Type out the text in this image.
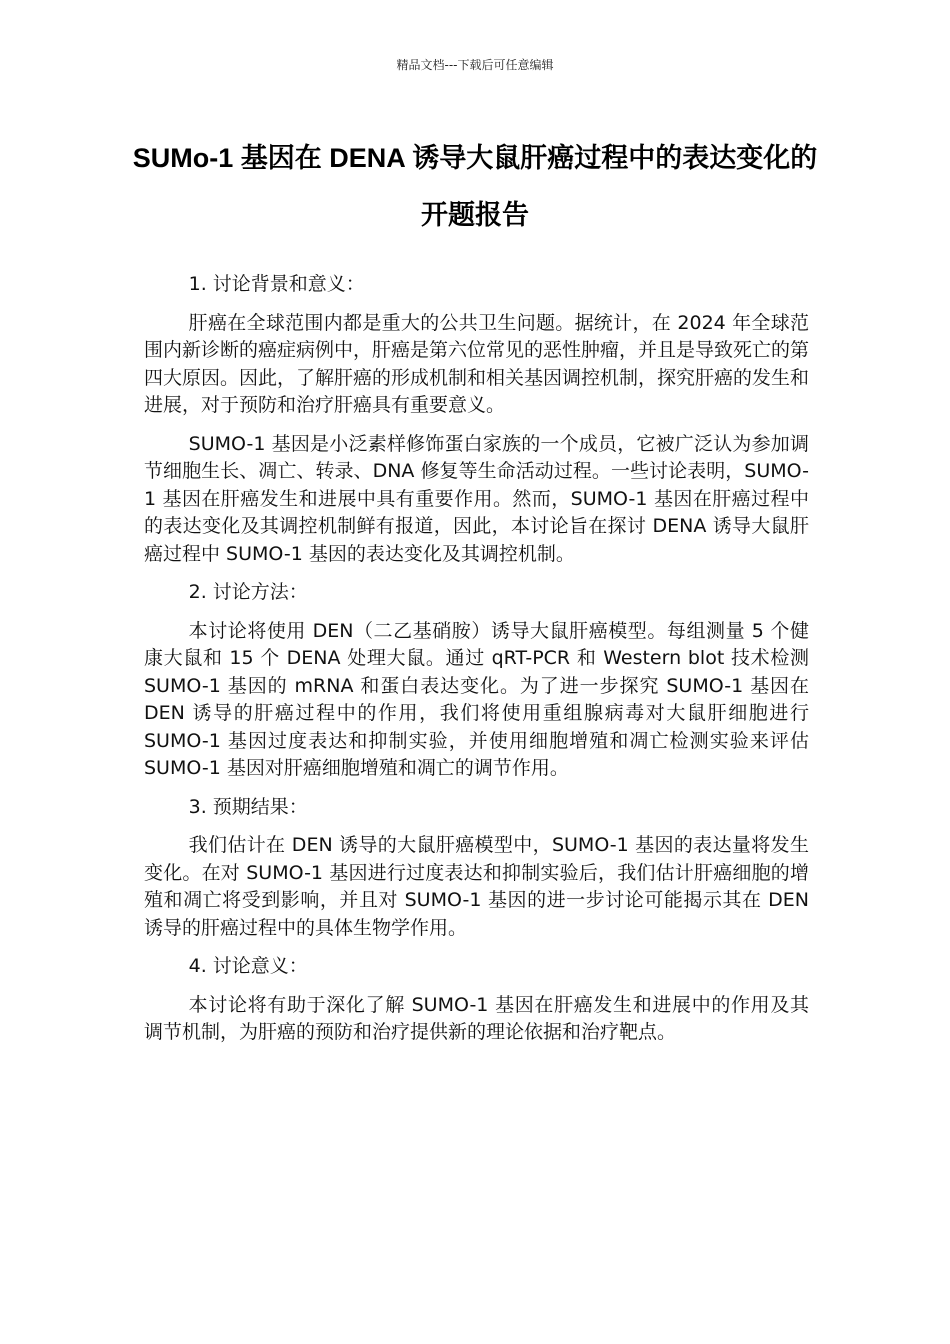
精品文档---下载后可任意编辑
SUMo-1 基因在 DENA 诱导大鼠肝癌过程中的表达变化的开题报告

1. 讨论背景和意义：

肝癌在全球范围内都是重大的公共卫生问题。据统计，在 2024 年全球范围内新诊断的癌症病例中，肝癌是第六位常见的恶性肿瘤，并且是导致死亡的第四大原因。因此，了解肝癌的形成机制和相关基因调控机制，探究肝癌的发生和进展，对于预防和治疗肝癌具有重要意义。

SUMO-1 基因是小泛素样修饰蛋白家族的一个成员，它被广泛认为参加调节细胞生长、凋亡、转录、DNA 修复等生命活动过程。一些讨论表明，SUMO-1 基因在肝癌发生和进展中具有重要作用。然而，SUMO-1 基因在肝癌过程中的表达变化及其调控机制鲜有报道，因此，本讨论旨在探讨 DENA 诱导大鼠肝癌过程中 SUMO-1 基因的表达变化及其调控机制。

2. 讨论方法：

本讨论将使用 DEN（二乙基硝胺）诱导大鼠肝癌模型。每组测量 5 个健康大鼠和 15 个 DENA 处理大鼠。通过 qRT-PCR 和 Western blot 技术检测 SUMO-1 基因的 mRNA 和蛋白表达变化。为了进一步探究 SUMO-1 基因在 DEN 诱导的肝癌过程中的作用，我们将使用重组腺病毒对大鼠肝细胞进行 SUMO-1 基因过度表达和抑制实验，并使用细胞增殖和凋亡检测实验来评估 SUMO-1 基因对肝癌细胞增殖和凋亡的调节作用。

3. 预期结果：

我们估计在 DEN 诱导的大鼠肝癌模型中，SUMO-1 基因的表达量将发生变化。在对 SUMO-1 基因进行过度表达和抑制实验后，我们估计肝癌细胞的增殖和凋亡将受到影响，并且对 SUMO-1 基因的进一步讨论可能揭示其在 DEN 诱导的肝癌过程中的具体生物学作用。

4. 讨论意义：

本讨论将有助于深化了解 SUMO-1 基因在肝癌发生和进展中的作用及其调节机制，为肝癌的预防和治疗提供新的理论依据和治疗靶点。
